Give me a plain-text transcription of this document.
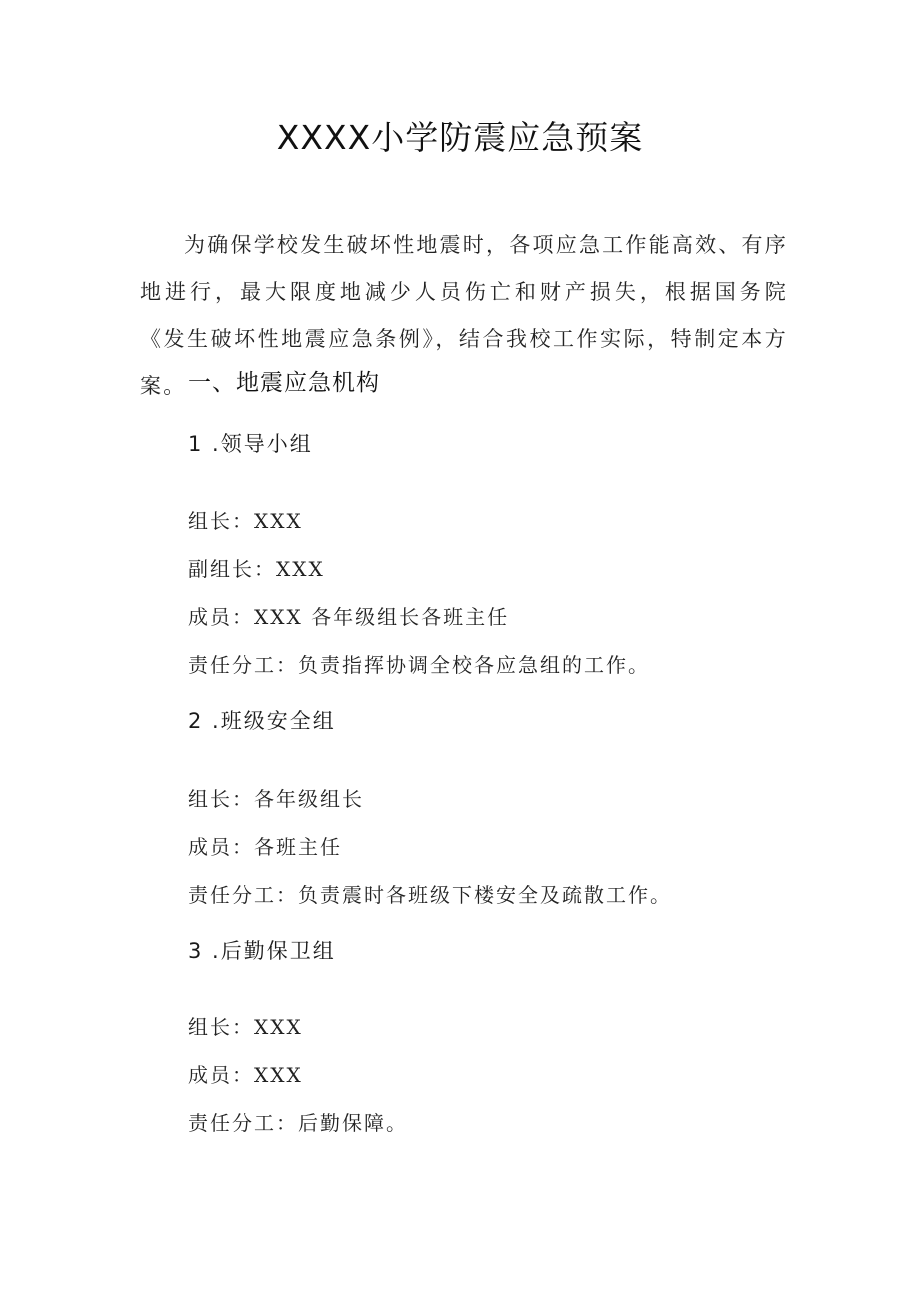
XXXX小学防震应急预案
为确保学校发生破坏性地震时，各项应急工作能高效、有序地进行，最大限度地减少人员伤亡和财产损失，根据国务院《发生破坏性地震应急条例》，结合我校工作实际，特制定本方案。 一、地震应急机构
1 .领导小组
组长：XXX
副组长：XXX
成员：XXX 各年级组长各班主任
责任分工：负责指挥协调全校各应急组的工作。
2 .班级安全组
组长：各年级组长
成员：各班主任
责任分工：负责震时各班级下楼安全及疏散工作。
3 .后勤保卫组
组长：XXX
成员：XXX
责任分工：后勤保障。
